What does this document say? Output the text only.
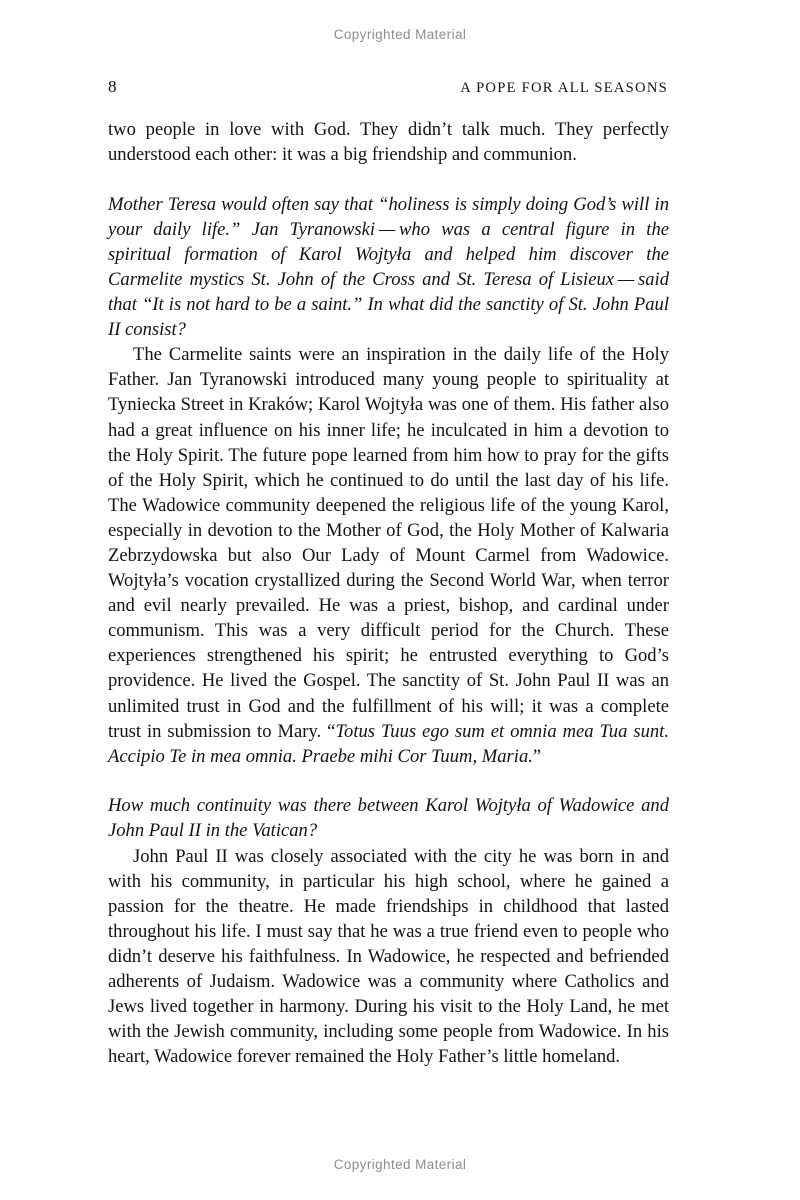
Copyrighted Material
8	A POPE FOR ALL SEASONS

two people in love with God. They didn’t talk much. They perfectly understood each other: it was a big friendship and communion.

Mother Teresa would often say that “holiness is simply doing God’s will in your daily life.” Jan Tyranowski — who was a central figure in the spiritual formation of Karol Wojtyła and helped him discover the Carmelite mystics St. John of the Cross and St. Teresa of Lisieux — said that “It is not hard to be a saint.” In what did the sanctity of St. John Paul II consist?

The Carmelite saints were an inspiration in the daily life of the Holy Father. Jan Tyranowski introduced many young people to spirituality at Tyniecka Street in Kraków; Karol Wojtyła was one of them. His father also had a great influence on his inner life; he inculcated in him a devotion to the Holy Spirit. The future pope learned from him how to pray for the gifts of the Holy Spirit, which he continued to do until the last day of his life. The Wadowice community deepened the religious life of the young Karol, especially in devotion to the Mother of God, the Holy Mother of Kalwaria Zebrzydowska but also Our Lady of Mount Carmel from Wadowice. Wojtyła’s vocation crystallized during the Second World War, when terror and evil nearly prevailed. He was a priest, bishop, and cardinal under communism. This was a very difficult period for the Church. These experiences strengthened his spirit; he entrusted everything to God’s providence. He lived the Gospel. The sanctity of St. John Paul II was an unlimited trust in God and the fulfillment of his will; it was a complete trust in submission to Mary. “Totus Tuus ego sum et omnia mea Tua sunt. Accipio Te in mea omnia. Praebe mihi Cor Tuum, Maria.”

How much continuity was there between Karol Wojtyła of Wadowice and John Paul II in the Vatican?

John Paul II was closely associated with the city he was born in and with his community, in particular his high school, where he gained a passion for the theatre. He made friendships in childhood that lasted throughout his life. I must say that he was a true friend even to people who didn’t deserve his faithfulness. In Wadowice, he respected and befriended adherents of Judaism. Wadowice was a community where Catholics and Jews lived together in harmony. During his visit to the Holy Land, he met with the Jewish community, including some people from Wadowice. In his heart, Wadowice forever remained the Holy Father’s little homeland.

Copyrighted Material
